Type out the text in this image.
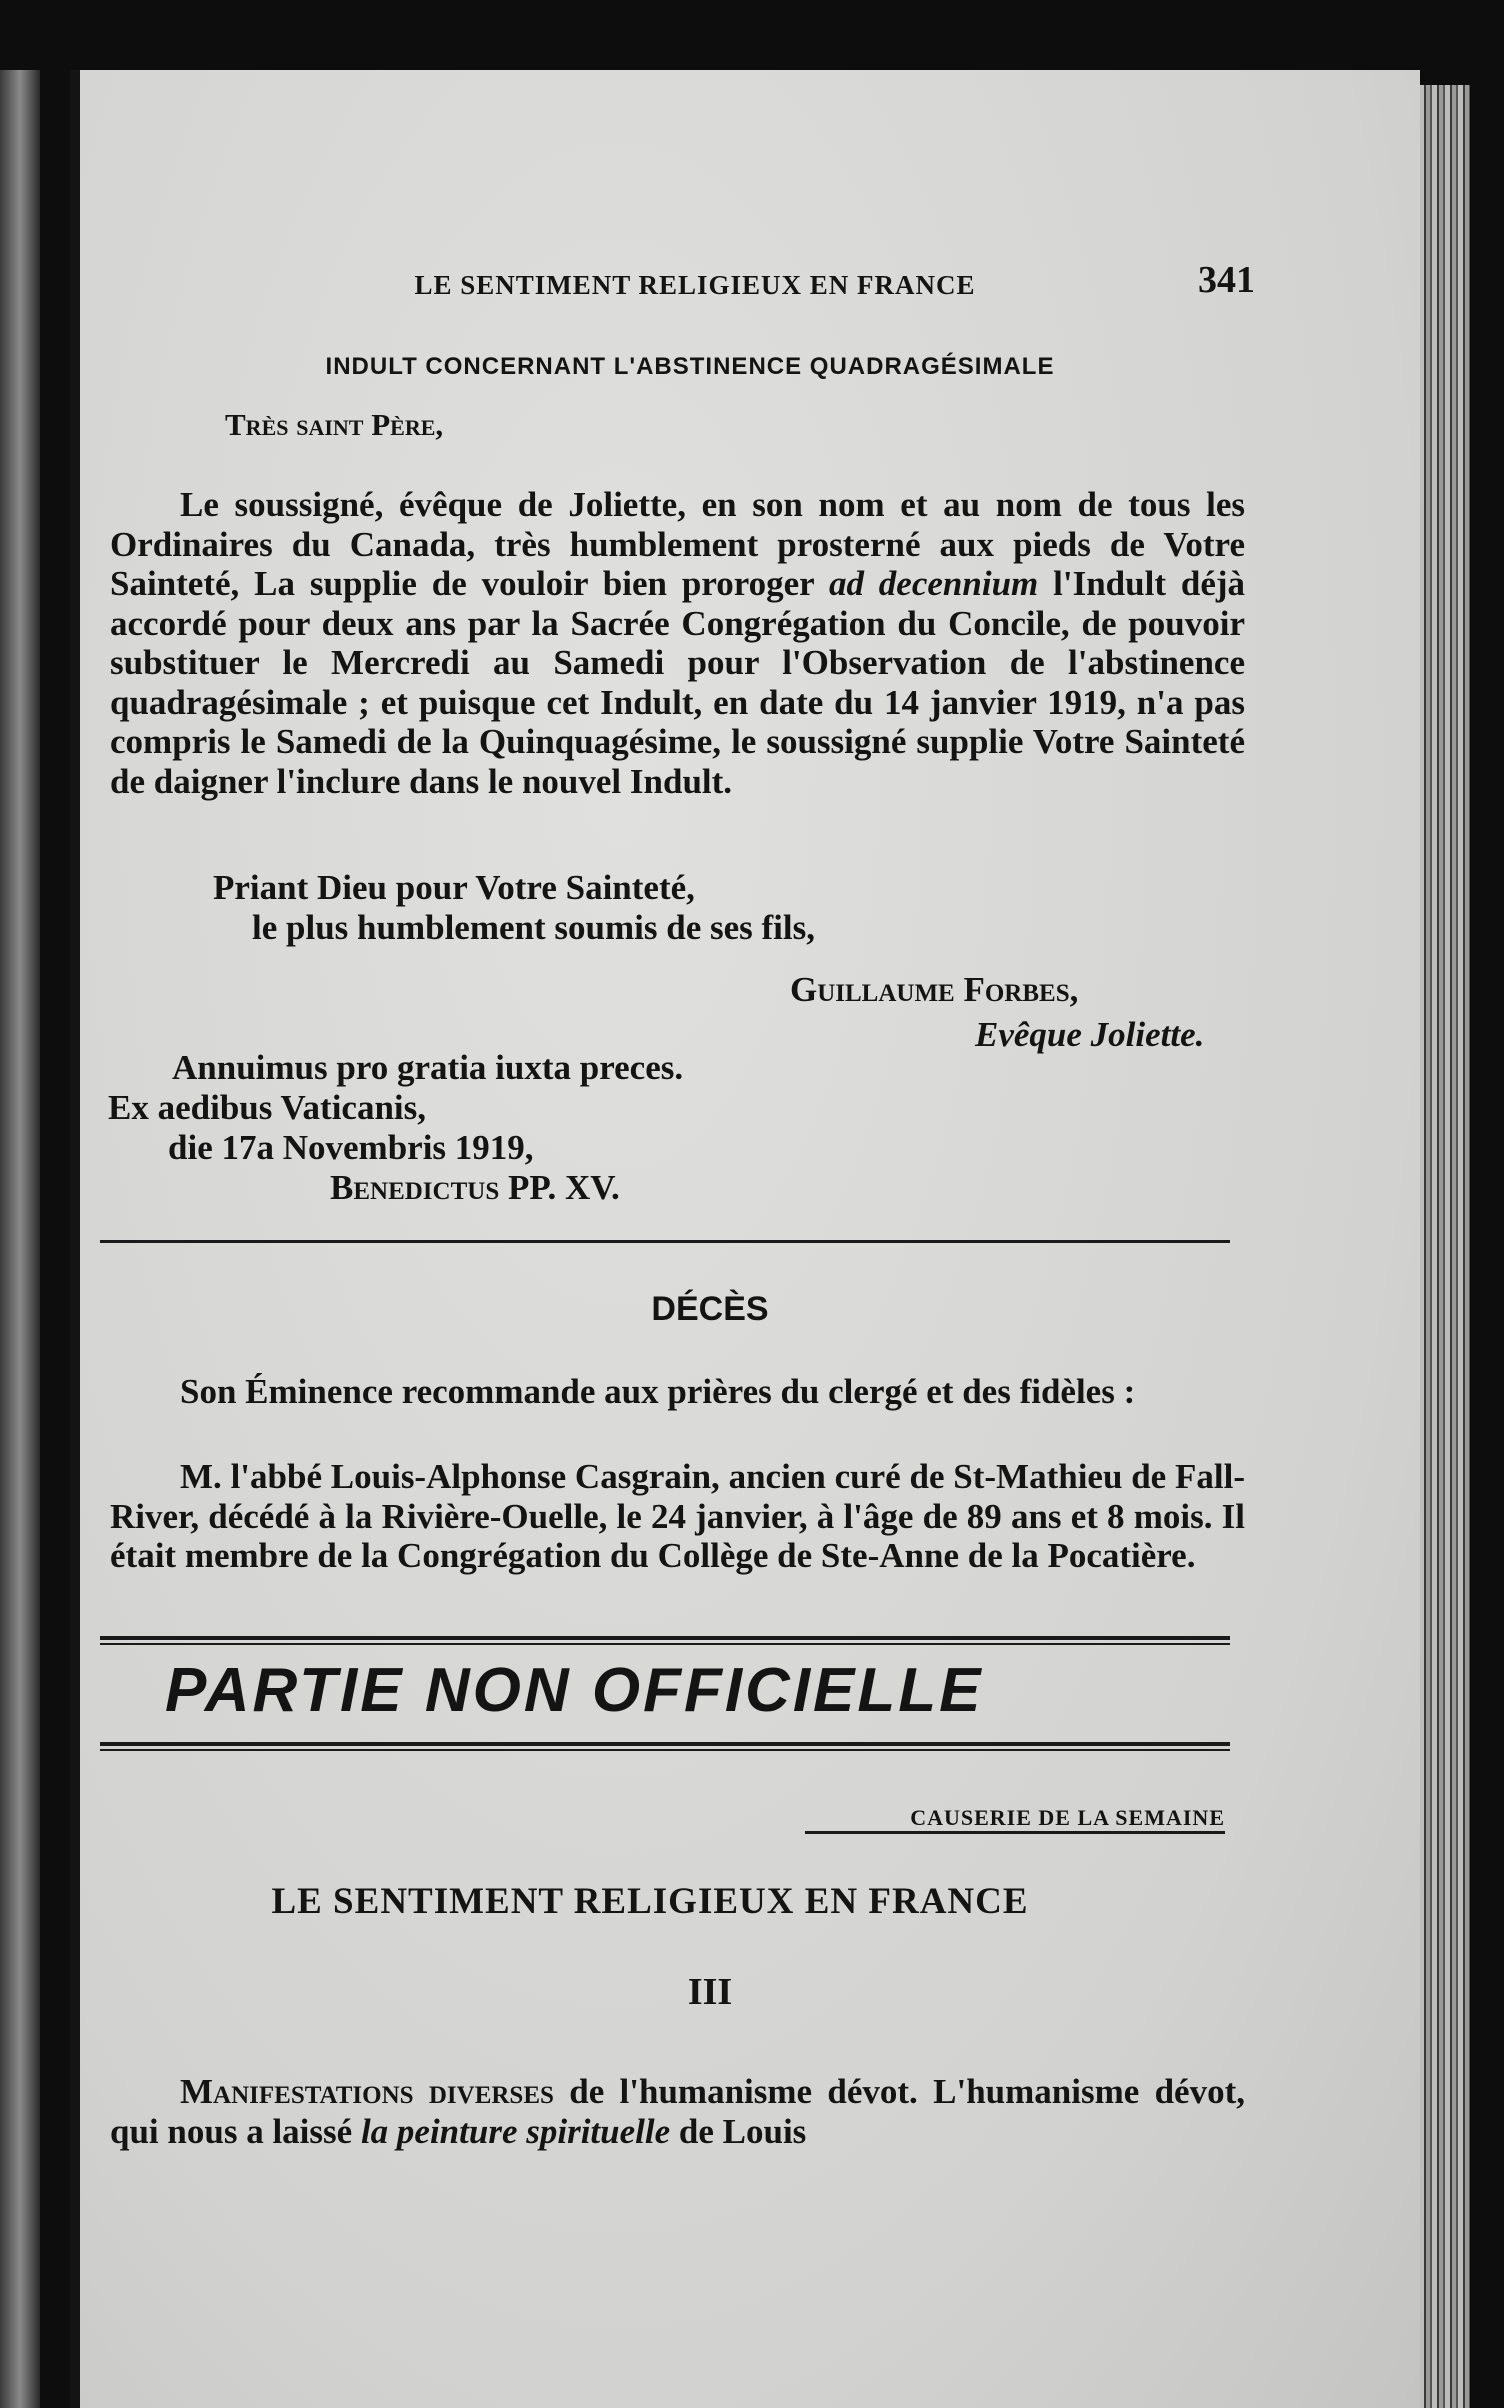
LE SENTIMENT RELIGIEUX EN FRANCE	341
INDULT CONCERNANT L'ABSTINENCE QUADRAGÉSIMALE
Très saint Père,

Le soussigné, évêque de Joliette, en son nom et au nom de tous les Ordinaires du Canada, très humblement prosterné aux pieds de Votre Sainteté, La supplie de vouloir bien proroger ad decennium l'Indult déjà accordé pour deux ans par la Sacrée Congrégation du Concile, de pouvoir substituer le Mercredi au Samedi pour l'Observation de l'abstinence quadragésimale ; et puisque cet Indult, en date du 14 janvier 1919, n'a pas compris le Samedi de la Quinquagésime, le soussigné supplie Votre Sainteté de daigner l'inclure dans le nouvel Indult.

Priant Dieu pour Votre Sainteté,
le plus humblement soumis de ses fils,
Guillaume Forbes,
Evêque Joliette.
Annuimus pro gratia iuxta preces.
Ex aedibus Vaticanis,
die 17a Novembris 1919,
Benedictus PP. XV.
DÉCÈS

Son Éminence recommande aux prières du clergé et des fidèles :

M. l'abbé Louis-Alphonse Casgrain, ancien curé de St-Mathieu de Fall-River, décédé à la Rivière-Ouelle, le 24 janvier, à l'âge de 89 ans et 8 mois. Il était membre de la Congrégation du Collège de Ste-Anne de la Pocatière.

PARTIE NON OFFICIELLE
CAUSERIE DE LA SEMAINE
LE SENTIMENT RELIGIEUX EN FRANCE
III

Manifestations diverses de l'humanisme dévot. L'humanisme dévot, qui nous a laissé la peinture spirituelle de Louis
